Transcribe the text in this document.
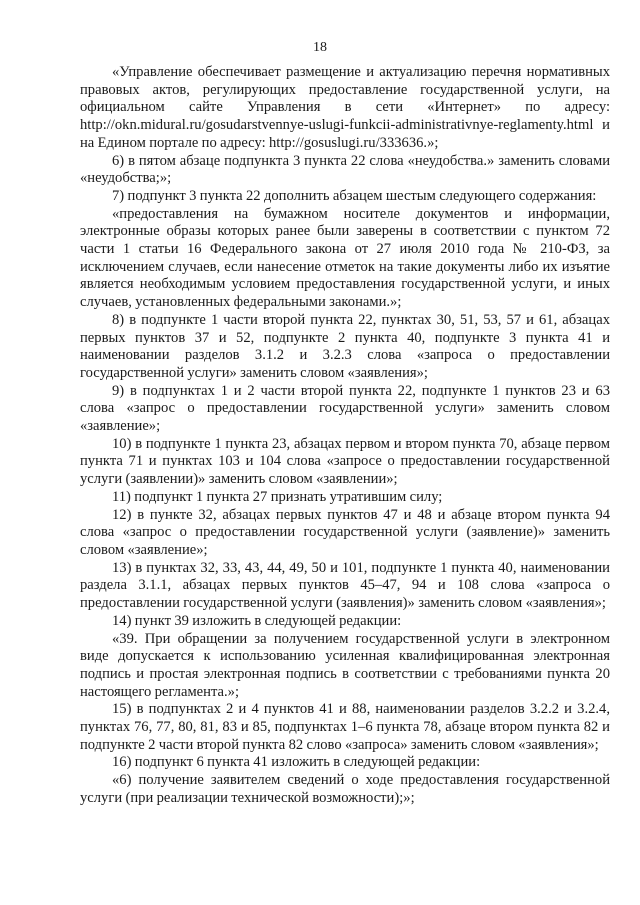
18

«Управление обеспечивает размещение и актуализацию перечня нормативных правовых актов, регулирующих предоставление государственной услуги, на официальном сайте Управления в сети «Интернет» по адресу: http://okn.midural.ru/gosudarstvennye-uslugi-funkcii-administrativnye-reglamenty.html и на Едином портале по адресу: http://gosuslugi.ru/333636.»;

6) в пятом абзаце подпункта 3 пункта 22 слова «неудобства.» заменить словами «неудобства;»;

7) подпункт 3 пункта 22 дополнить абзацем шестым следующего содержания:

«предоставления на бумажном носителе документов и информации, электронные образы которых ранее были заверены в соответствии с пунктом 72 части 1 статьи 16 Федерального закона от 27 июля 2010 года № 210-ФЗ, за исключением случаев, если нанесение отметок на такие документы либо их изъятие является необходимым условием предоставления государственной услуги, и иных случаев, установленных федеральными законами.»;

8) в подпункте 1 части второй пункта 22, пунктах 30, 51, 53, 57 и 61, абзацах первых пунктов 37 и 52, подпункте 2 пункта 40, подпункте 3 пункта 41 и наименовании разделов 3.1.2 и 3.2.3 слова «запроса о предоставлении государственной услуги» заменить словом «заявления»;

9) в подпунктах 1 и 2 части второй пункта 22, подпункте 1 пунктов 23 и 63 слова «запрос о предоставлении государственной услуги» заменить словом «заявление»;

10) в подпункте 1 пункта 23, абзацах первом и втором пункта 70, абзаце первом пункта 71 и пунктах 103 и 104 слова «запросе о предоставлении государственной услуги (заявлении)» заменить словом «заявлении»;

11) подпункт 1 пункта 27 признать утратившим силу;

12) в пункте 32, абзацах первых пунктов 47 и 48 и абзаце втором пункта 94 слова «запрос о предоставлении государственной услуги (заявление)» заменить словом «заявление»;

13) в пунктах 32, 33, 43, 44, 49, 50 и 101, подпункте 1 пункта 40, наименовании раздела 3.1.1, абзацах первых пунктов 45–47, 94 и 108 слова «запроса о предоставлении государственной услуги (заявления)» заменить словом «заявления»;

14) пункт 39 изложить в следующей редакции:

«39. При обращении за получением государственной услуги в электронном виде допускается к использованию усиленная квалифицированная электронная подпись и простая электронная подпись в соответствии с требованиями пункта 20 настоящего регламента.»;

15) в подпунктах 2 и 4 пунктов 41 и 88, наименовании разделов 3.2.2 и 3.2.4, пунктах 76, 77, 80, 81, 83 и 85, подпунктах 1–6 пункта 78, абзаце втором пункта 82 и подпункте 2 части второй пункта 82 слово «запроса» заменить словом «заявления»;

16) подпункт 6 пункта 41 изложить в следующей редакции:

«6) получение заявителем сведений о ходе предоставления государственной услуги (при реализации технической возможности);»;
